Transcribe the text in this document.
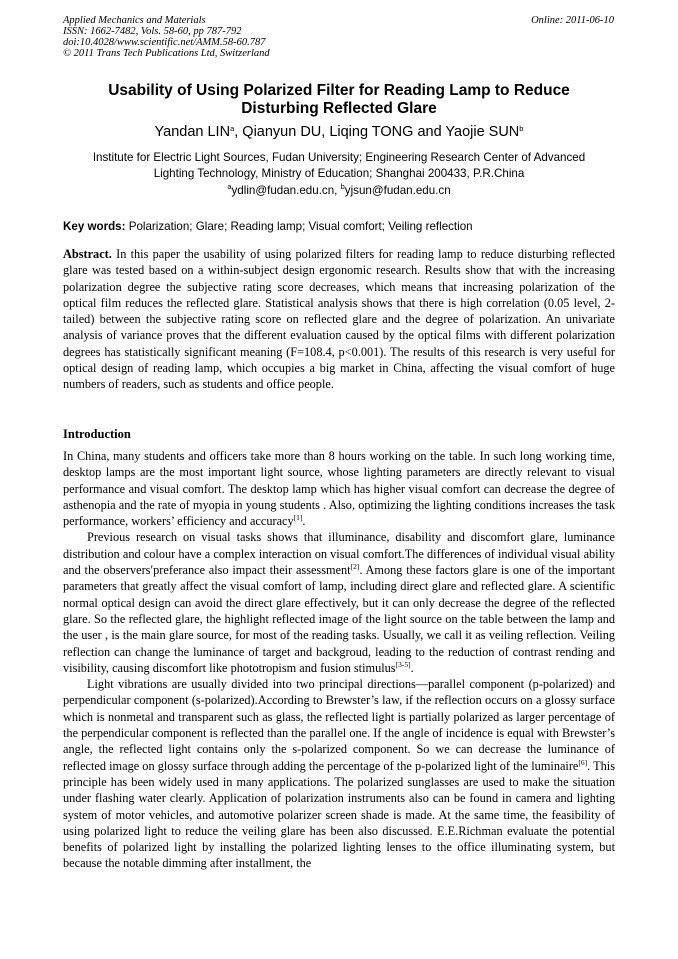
Applied Mechanics and Materials
ISSN: 1662-7482, Vols. 58-60, pp 787-792
doi:10.4028/www.scientific.net/AMM.58-60.787
© 2011 Trans Tech Publications Ltd, Switzerland
Online: 2011-06-10
Usability of Using Polarized Filter for Reading Lamp to Reduce
Disturbing Reflected Glare
Yandan LIN$^a$, Qianyun DU, Liqing TONG and Yaojie SUN$^b$
Institute for Electric Light Sources, Fudan University; Engineering Research Center of Advanced
Lighting Technology, Ministry of Education; Shanghai 200433, P.R.China
$^a$ydlin@fudan.edu.cn, $^b$yjsun@fudan.edu.cn
Key words: Polarization; Glare; Reading lamp; Visual comfort; Veiling reflection
Abstract. In this paper the usability of using polarized filters for reading lamp to reduce disturbing reflected glare was tested based on a within-subject design ergonomic research. Results show that with the increasing polarization degree the subjective rating score decreases, which means that increasing polarization of the optical film reduces the reflected glare. Statistical analysis shows that there is high correlation (0.05 level, 2-tailed) between the subjective rating score on reflected glare and the degree of polarization. An univariate analysis of variance proves that the different evaluation caused by the optical films with different polarization degrees has statistically significant meaning (F=108.4, p<0.001). The results of this research is very useful for optical design of reading lamp, which occupies a big market in China, affecting the visual comfort of huge numbers of readers, such as students and office people.
Introduction

In China, many students and officers take more than 8 hours working on the table. In such long working time, desktop lamps are the most important light source, whose lighting parameters are directly relevant to visual performance and visual comfort. The desktop lamp which has higher visual comfort can decrease the degree of asthenopia and the rate of myopia in young students . Also, optimizing the lighting conditions increases the task performance, workers’ efficiency and accuracy[1].

Previous research on visual tasks shows that illuminance, disability and discomfort glare, luminance distribution and colour have a complex interaction on visual comfort.The differences of individual visual ability and the observers′preferance also impact their assessment[2]. Among these factors glare is one of the important parameters that greatly affect the visual comfort of lamp, including direct glare and reflected glare. A scientific normal optical design can avoid the direct glare effectively, but it can only decrease the degree of the reflected glare. So the reflected glare, the highlight reflected image of the light source on the table between the lamp and the user , is the main glare source, for most of the reading tasks. Usually, we call it as veiling reflection. Veiling reflection can change the luminance of target and backgroud, leading to the reduction of contrast rending and visibility, causing discomfort like phototropism and fusion stimulus[3-5].

Light vibrations are usually divided into two principal directions—parallel component (p-polarized) and perpendicular component (s-polarized).According to Brewster’s law, if the reflection occurs on a glossy surface which is nonmetal and transparent such as glass, the reflected light is partially polarized as larger percentage of the perpendicular component is reflected than the parallel one. If the angle of incidence is equal with Brewster’s angle, the reflected light contains only the s-polarized component. So we can decrease the luminance of reflected image on glossy surface through adding the percentage of the p-polarized light of the luminaire[6]. This principle has been widely used in many applications. The polarized sunglasses are used to make the situation under flashing water clearly. Application of polarization instruments also can be found in camera and lighting system of motor vehicles, and automotive polarizer screen shade is made. At the same time, the feasibility of using polarized light to reduce the veiling glare has been also discussed. E.E.Richman evaluate the potential benefits of polarized light by installing the polarized lighting lenses to the office illuminating system, but because the notable dimming after installment, the
